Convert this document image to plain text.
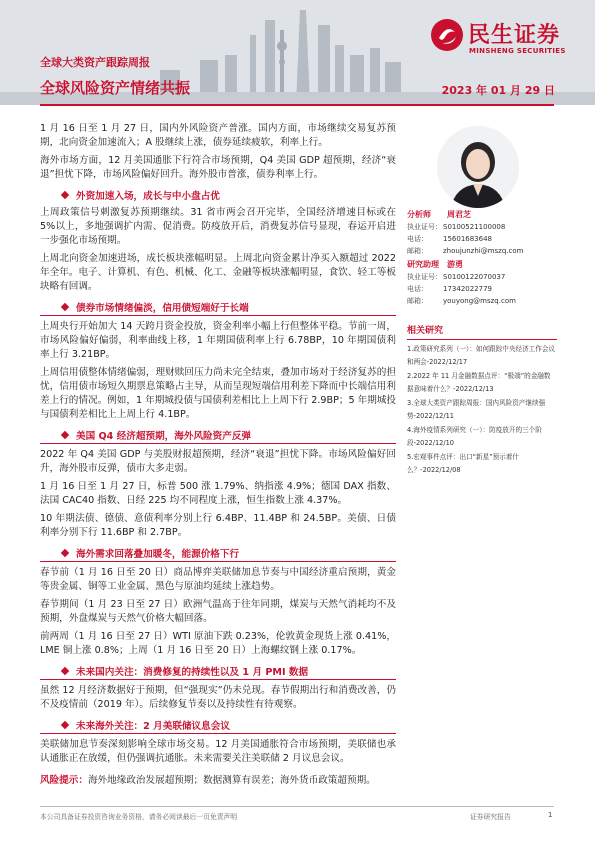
民生证券
MINSHENG SECURITIES
全球大类资产跟踪周报
全球风险资产情绪共振	2023 年 01 月 29 日

1 月 16 日至 1 月 27 日，国内外风险资产普涨。国内方面，市场继续交易复苏预期，北向资金加速流入；A 股继续上涨，债券延续疲软，利率上行。

海外市场方面，12 月美国通胀下行符合市场预期，Q4 美国 GDP 超预期，经济“衰退”担忧下降，市场风险偏好回升。海外股市普涨，债券利率上行。

外资加速入场，成长与中小盘占优

上周政策信号刺激复苏预期继续。31 省市两会召开完毕，全国经济增速目标或在 5%以上，多地强调扩内需、促消费。防疫放开后，消费复苏信号显现，春运开启进一步强化市场预期。

上周北向资金加速进场，成长板块涨幅明显。上周北向资金累计净买入额超过 2022 年全年。电子、计算机、有色、机械、化工、金融等板块涨幅明显，食饮、轻工等板块略有回调。

债券市场情绪偏淡，信用债短端好于长端

上周央行开始加大 14 天跨月资金投放，资金利率小幅上行但整体平稳。节前一周，市场风险偏好偏弱，利率曲线上移，1 年期国债利率上行 6.78BP，10 年期国债利率上行 3.21BP。

上周信用债整体情绪偏弱，理财赎回压力尚未完全结束，叠加市场对于经济复苏的担忧，信用债市场短久期票息策略占主导，从而呈现短端信用利差下降而中长端信用利差上行的情况。例如，1 年期城投债与国债利差相比上上周下行 2.9BP；5 年期城投与国债利差相比上上周上行 4.1BP。

美国 Q4 经济超预期，海外风险资产反弹

2022 年 Q4 美国 GDP 与美股财报超预期，经济“衰退”担忧下降。市场风险偏好回升，海外股市反弹，债市大多走弱。

1 月 16 日至 1 月 27 日，标普 500 涨 1.79%、纳指涨 4.9%；德国 DAX 指数、法国 CAC40 指数、日经 225 均不同程度上涨，恒生指数上涨 4.37%。

10 年期法债、德债、意债利率分别上行 6.4BP、11.4BP 和 24.5BP。美债、日债利率分别下行 11.6BP 和 2.7BP。

海外需求回落叠加暖冬，能源价格下行

春节前（1 月 16 日至 20 日）商品博弈美联储加息节奏与中国经济重启预期，黄金等贵金属、铜等工业金属、黑色与原油均延续上涨趋势。

春节期间（1 月 23 日至 27 日）欧洲气温高于往年同期，煤炭与天然气消耗均不及预期，外盘煤炭与天然气价格大幅回落。

前两周（1 月 16 日至 27 日）WTI 原油下跌 0.23%，伦敦黄金现货上涨 0.41%，LME 铜上涨 0.8%；上周（1 月 16 日至 20 日）上海螺纹钢上涨 0.17%。

未来国内关注：消费修复的持续性以及 1 月 PMI 数据

虽然 12 月经济数据好于预期，但“强现实”仍未兑现。春节假期出行和消费改善，仍不及疫情前（2019 年）。后续修复节奏以及持续性有待观察。

未来海外关注：2 月美联储议息会议

美联储加息节奏深刻影响全球市场交易。12 月美国通胀符合市场预期，美联储也承认通胀正在放缓，但仍强调抗通胀。未来需要关注美联储 2 月议息会议。

风险提示：海外地缘政治发展超预期；数据测算有误差；海外货币政策超预期。
分析师	周君芝
执业证号： S0100521100008
电话：	15601683648
邮箱：	zhoujunzhi@mszq.com
研究助理	游勇
执业证号： S0100122070037
电话：	17342022779
邮箱：	youyong@mszq.com
相关研究
1.政策研究系列（一）：如何跟踪中央经济工作会议和两会-2022/12/17
2.2022 年 11 月金融数据点评：“极端”的金融数据意味着什么？-2022/12/13
3.全球大类资产跟踪周报：国内风险资产继续强势-2022/12/11
4.海外疫情系列研究（一）：防疫放开的三个阶段-2022/12/10
5.宏观事件点评：出口“新星”预示着什么？-2022/12/08
本公司具备证券投资咨询业务资格，请务必阅读最后一页免责声明	证券研究报告	1
